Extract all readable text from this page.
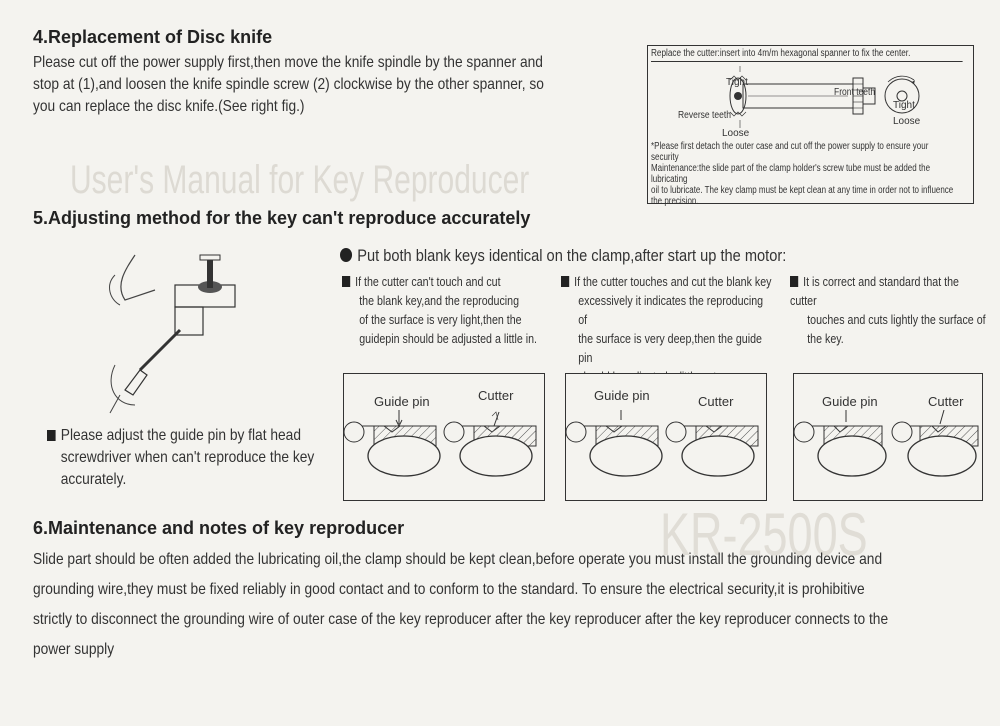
User's Manual for Key Reproducer
KR-2500S
4.Replacement of Disc knife
Please cut off the power supply first,then move the knife spindle by the spanner and
stop at (1),and loosen the knife spindle screw (2) clockwise by the other spanner, so
you can replace the disc knife.(See right fig.)
Replace the cutter:insert into 4m/m hexagonal spanner to fix the center.
Tight
Front teeth
Reverse teeth
Loose
Tight
Loose
*Please first detach the outer case and cut off the power supply to ensure your security
Maintenance:the slide part of the clamp holder's screw tube must be added the lubricating
oil to lubricate. The key clamp must be kept clean at any time in order not to influence
the precision.
5.Adjusting method for the key can't reproduce accurately
Please adjust the guide pin by flat head
screwdriver when can't reproduce the key
accurately.
Put both blank keys identical on the clamp,after start up the motor:
If the cutter can't touch and cut
the blank key,and the reproducing
of the surface is very light,then the
guidepin should be adjusted a little in.
If the cutter touches and cut the blank key
excessively it indicates the reproducing of
the surface is very deep,then the guide pin
It is correct and standard that the cutter
touches and cuts lightly the surface of
the key.
Guide pin	Cutter	Guide pin	Cutter	Guide pin	Cutter
6.Maintenance and notes of key reproducer
Slide part should be often added the lubricating oil,the clamp should be kept clean,before operate you must install the grounding device and
grounding wire,they must be fixed reliably in good contact and to conform to the standard. To ensure the electrical security,it is prohibitive
strictly to disconnect the grounding wire of outer case of the key reproducer after the key reproducer after the key reproducer connects to the
power supply
